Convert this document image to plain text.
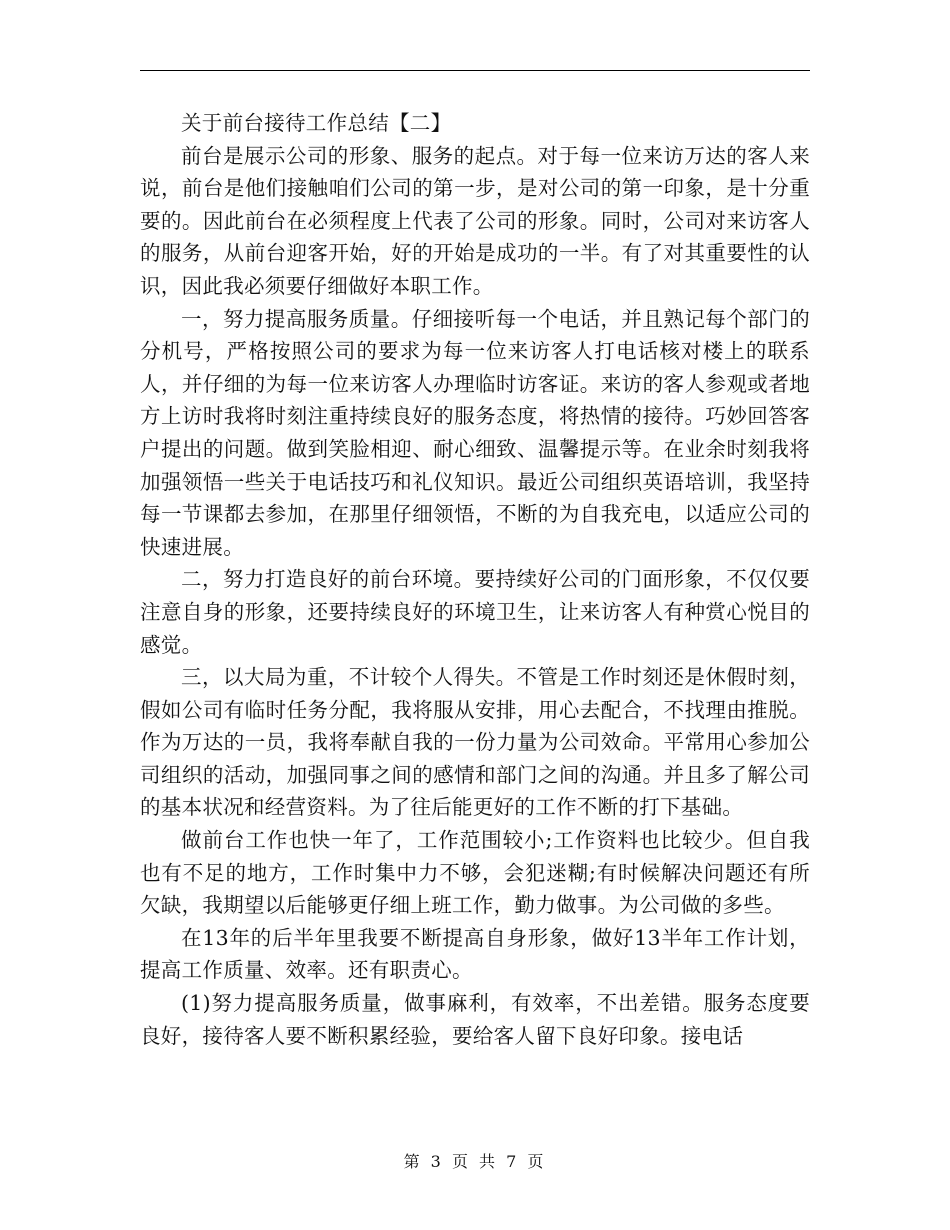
关于前台接待工作总结【二】

前台是展示公司的形象、服务的起点。对于每一位来访万达的客人来说，前台是他们接触咱们公司的第一步，是对公司的第一印象，是十分重要的。因此前台在必须程度上代表了公司的形象。同时，公司对来访客人的服务，从前台迎客开始，好的开始是成功的一半。有了对其重要性的认识，因此我必须要仔细做好本职工作。

一，努力提高服务质量。仔细接听每一个电话，并且熟记每个部门的分机号，严格按照公司的要求为每一位来访客人打电话核对楼上的联系人，并仔细的为每一位来访客人办理临时访客证。来访的客人参观或者地方上访时我将时刻注重持续良好的服务态度，将热情的接待。巧妙回答客户提出的问题。做到笑脸相迎、耐心细致、温馨提示等。在业余时刻我将加强领悟一些关于电话技巧和礼仪知识。最近公司组织英语培训，我坚持每一节课都去参加，在那里仔细领悟，不断的为自我充电，以适应公司的快速进展。

二，努力打造良好的前台环境。要持续好公司的门面形象，不仅仅要注意自身的形象，还要持续良好的环境卫生，让来访客人有种赏心悦目的感觉。

三，以大局为重，不计较个人得失。不管是工作时刻还是休假时刻，假如公司有临时任务分配，我将服从安排，用心去配合，不找理由推脱。作为万达的一员，我将奉献自我的一份力量为公司效命。平常用心参加公司组织的活动，加强同事之间的感情和部门之间的沟通。并且多了解公司的基本状况和经营资料。为了往后能更好的工作不断的打下基础。

做前台工作也快一年了，工作范围较小;工作资料也比较少。但自我也有不足的地方，工作时集中力不够，会犯迷糊;有时候解决问题还有所欠缺，我期望以后能够更仔细上班工作，勤力做事。为公司做的多些。

在13年的后半年里我要不断提高自身形象，做好13半年工作计划，提高工作质量、效率。还有职责心。

(1)努力提高服务质量，做事麻利，有效率，不出差错。服务态度要良好，接待客人要不断积累经验，要给客人留下良好印象。接电话

第 3 页 共 7 页
